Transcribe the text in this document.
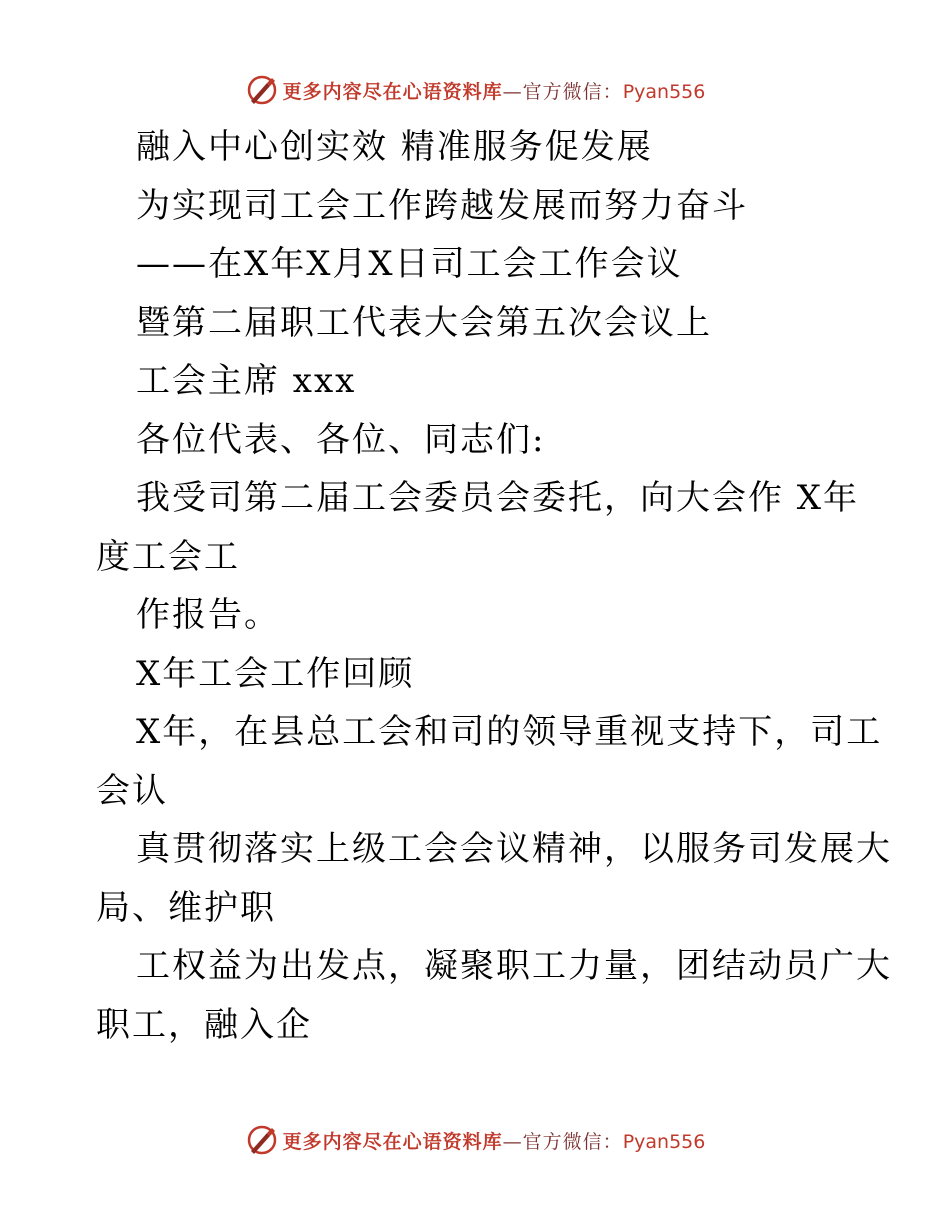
更多内容尽在心语资料库—官方微信：Pyan556
融入中心创实效 精准服务促发展
为实现司工会工作跨越发展而努力奋斗
——在X年X月X日司工会工作会议
暨第二届职工代表大会第五次会议上
工会主席 xxx
各位代表、各位、同志们:
我受司第二届工会委员会委托，向大会作 X年
度工会工
作报告。
X年工会工作回顾
X年，在县总工会和司的领导重视支持下，司工
会认
真贯彻落实上级工会会议精神，以服务司发展大
局、维护职
工权益为出发点，凝聚职工力量，团结动员广大
职工，融入企
更多内容尽在心语资料库—官方微信：Pyan556
